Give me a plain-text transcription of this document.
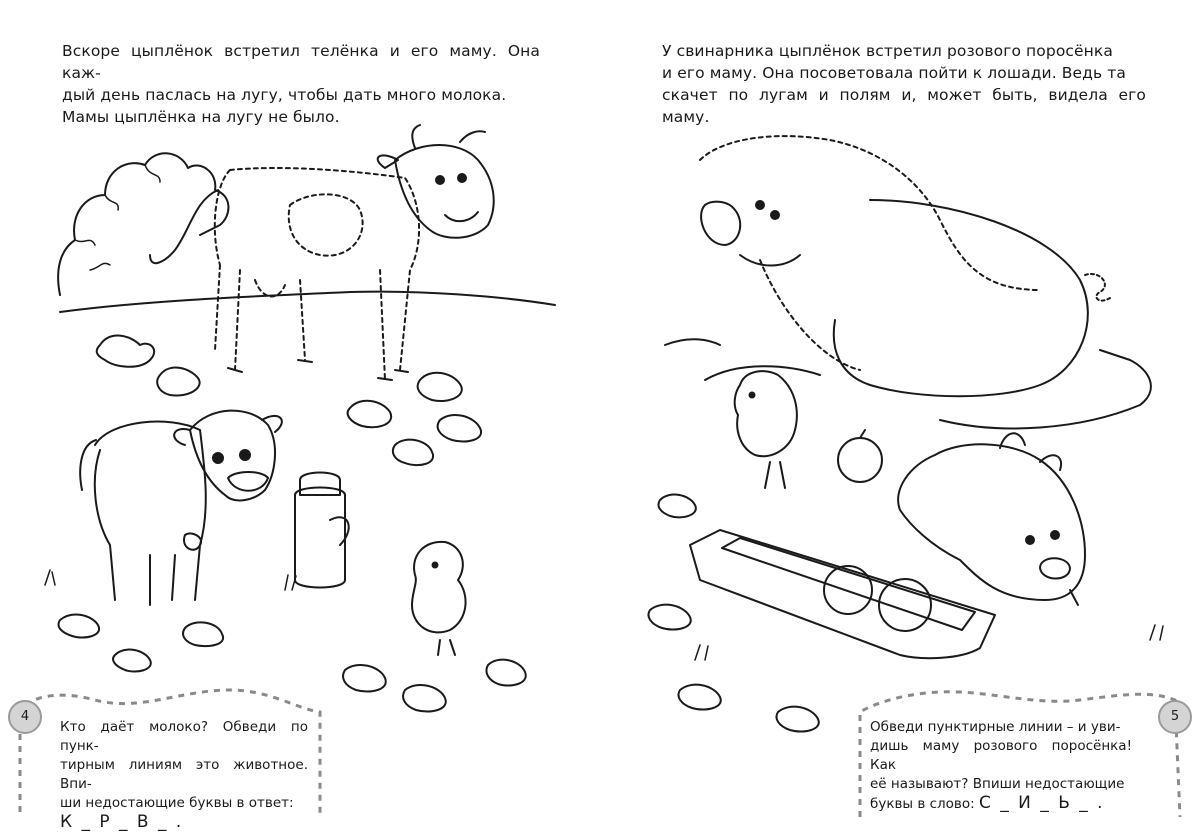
Вскоре цыплёнок встретил телёнка и его маму. Она каж-
дый день паслась на лугу, чтобы дать много молока.
Мамы цыплёнка на лугу не было.
4
Кто даёт молоко? Обведи по пунк-
тирным линиям это животное. Впи-
ши недостающие буквы в ответ:
К _ Р _ В _ .
У свинарника цыплёнок встретил розового поросёнка
и его маму. Она посоветовала пойти к лошади. Ведь та
скачет по лугам и полям и, может быть, видела его маму.
Обведи пунктирные линии – и уви-
дишь маму розового поросёнка! Как
её называют? Впиши недостающие
буквы в слово: С _ И _ Ь _ .
5
